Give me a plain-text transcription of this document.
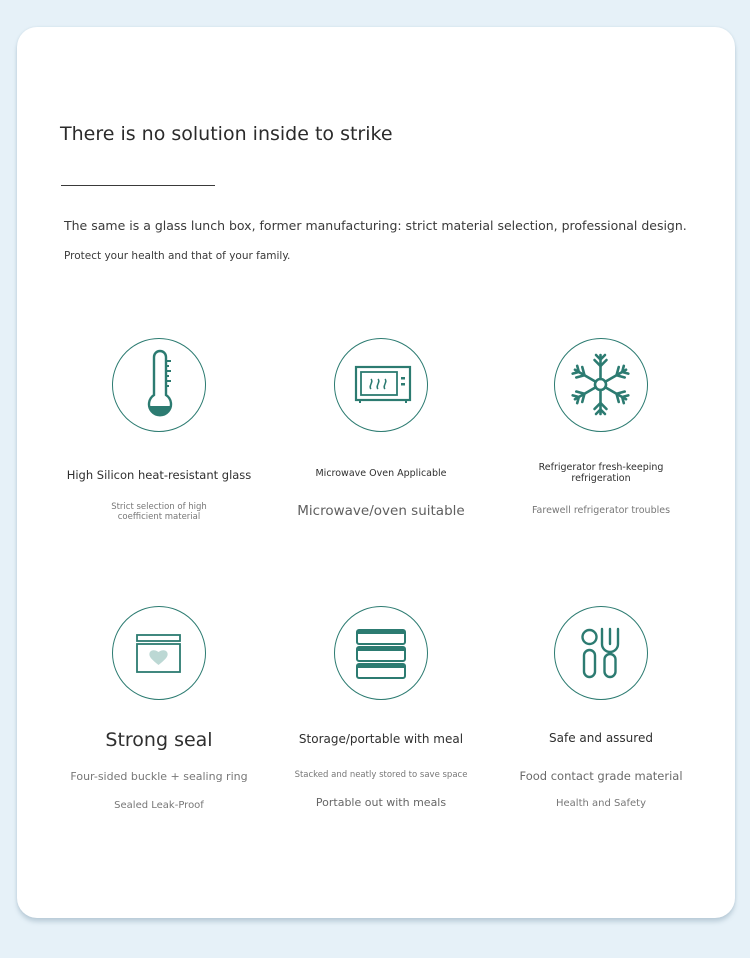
There is no solution inside to strike

The same is a glass lunch box, former manufacturing: strict material selection, professional design.

Protect your health and that of your family.

High Silicon heat-resistant glass
Strict selection of high coefficient material
Microwave Oven Applicable
Microwave/oven suitable
Refrigerator fresh-keeping refrigeration
Farewell refrigerator troubles
Strong seal
Four-sided buckle + sealing ring
Sealed Leak-Proof
Storage/portable with meal
Stacked and neatly stored to save space
Portable out with meals
Safe and assured
Food contact grade material
Health and Safety
